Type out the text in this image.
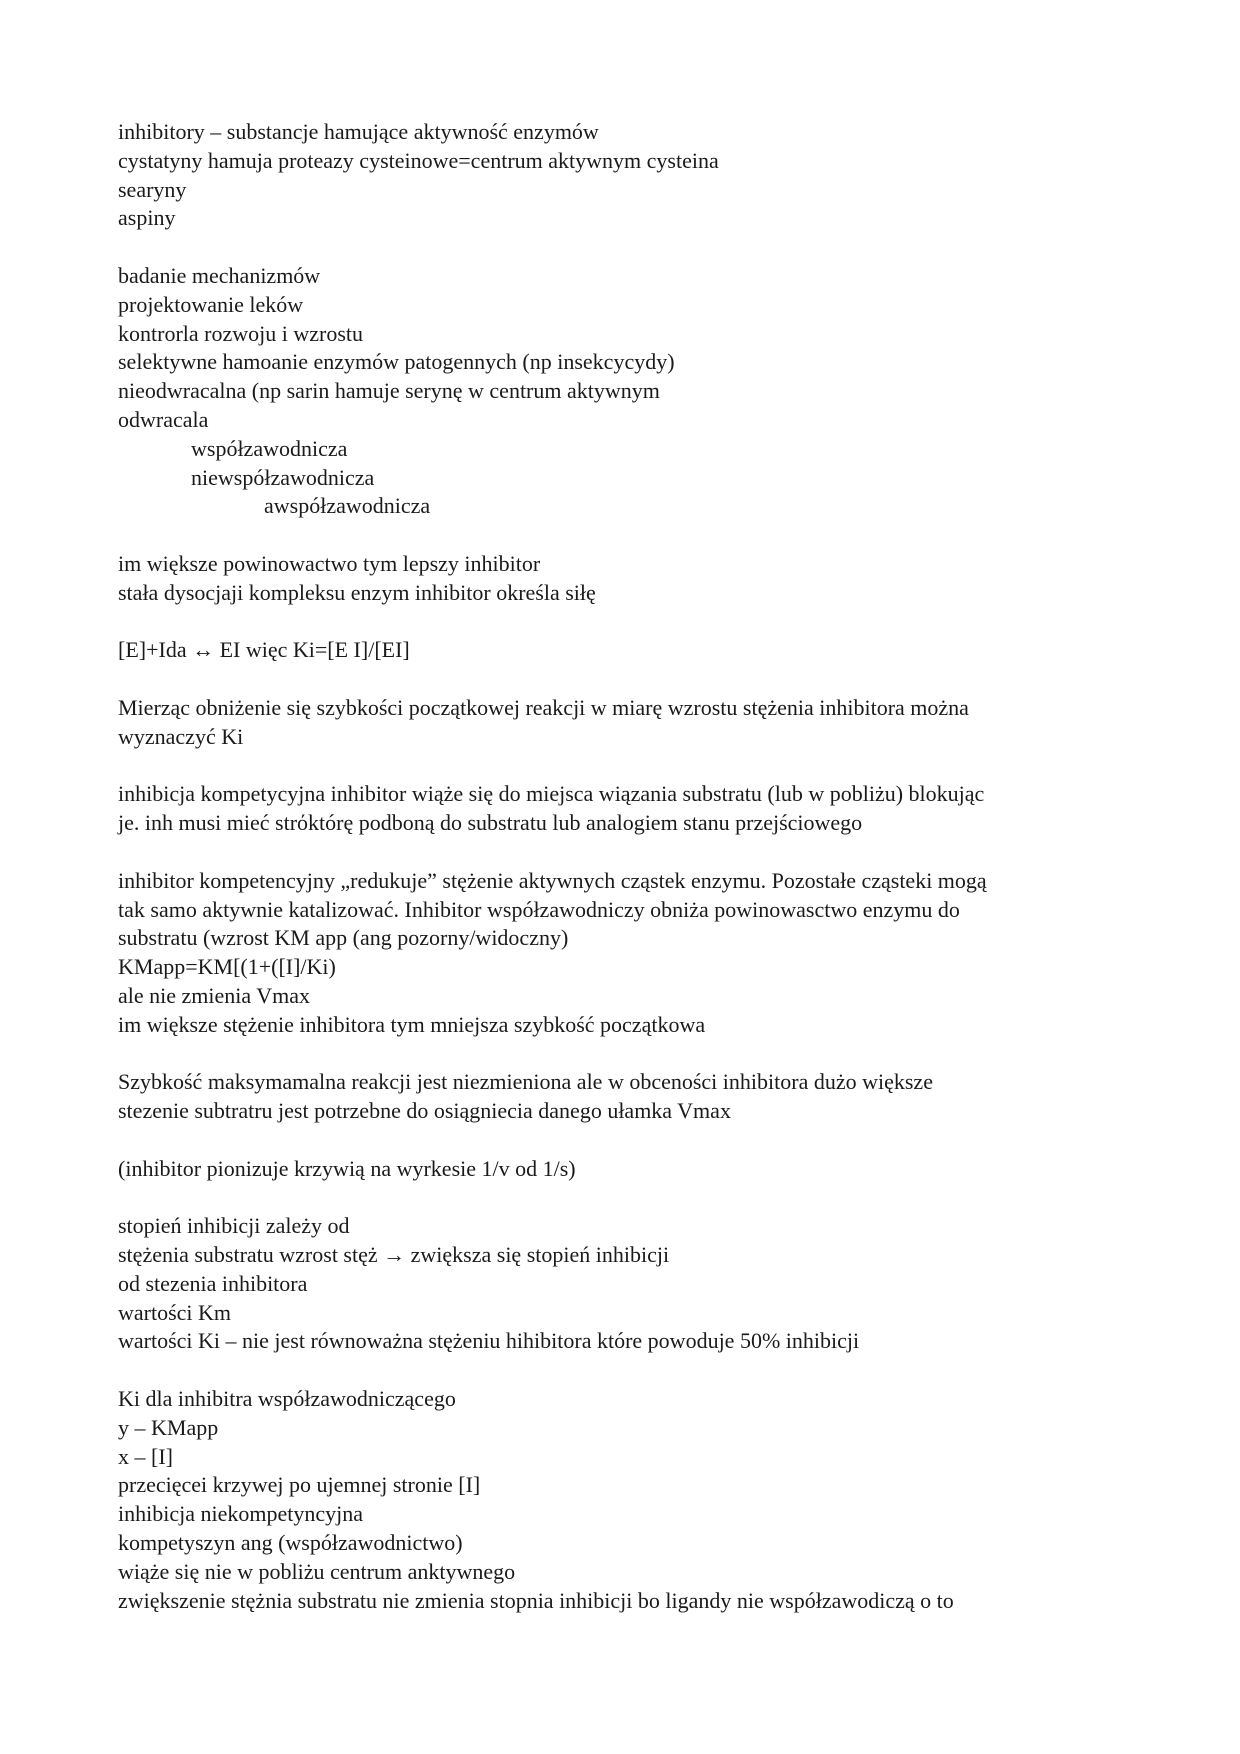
inhibitory – substancje hamujące aktywność enzymów
cystatyny hamuja proteazy cysteinowe=centrum aktywnym cysteina
searyny
aspiny
badanie mechanizmów
projektowanie leków
kontrorla rozwoju i wzrostu
selektywne hamoanie enzymów patogennych (np insekcycydy)
nieodwracalna (np sarin hamuje serynę w centrum aktywnym
odwracala
współzawodnicza
niewspółzawodnicza
awspółzawodnicza
im większe powinowactwo tym lepszy inhibitor
stała dysocjaji kompleksu enzym inhibitor określa siłę
[E]+Ida ↔ EI więc Ki=[E I]/[EI]
Mierząc obniżenie się szybkości początkowej reakcji w miarę wzrostu stężenia inhibitora można
wyznaczyć Ki
inhibicja kompetycyjna inhibitor wiąże się do miejsca wiązania substratu (lub w pobliżu) blokując
je. inh musi mieć strόktórę podboną do substratu lub analogiem stanu przejściowego
inhibitor kompetencyjny „redukuje” stężenie aktywnych cząstek enzymu. Pozostałe cząsteki mogą
tak samo aktywnie katalizować. Inhibitor współzawodniczy obniża powinowasctwo enzymu do
substratu (wzrost KM app (ang pozorny/widoczny)
KMapp=KM[(1+([I]/Ki)
ale nie zmienia Vmax
im większe stężenie inhibitora tym mniejsza szybkość początkowa
Szybkość maksymamalna reakcji jest niezmieniona ale w obceności inhibitora dużo większe
stezenie subtratru jest potrzebne do osiągniecia danego ułamka Vmax
(inhibitor pionizuje krzywią na wyrkesie 1/v od 1/s)
stopień inhibicji zależy od
stężenia substratu wzrost stęż → zwiększa się stopień inhibicji
od stezenia inhibitora
wartości Km
wartości Ki – nie jest równoważna stężeniu hihibitora które powoduje 50% inhibicji
Ki dla inhibitra współzawodniczącego
y – KMapp
x – [I]
przecięcei krzywej po ujemnej stronie [I]
inhibicja niekompetyncyjna
kompetyszyn ang (współzawodnictwo)
wiąże się nie w pobliżu centrum anktywnego
zwiększenie stężnia substratu nie zmienia stopnia inhibicji bo ligandy nie współzawodiczą o to
